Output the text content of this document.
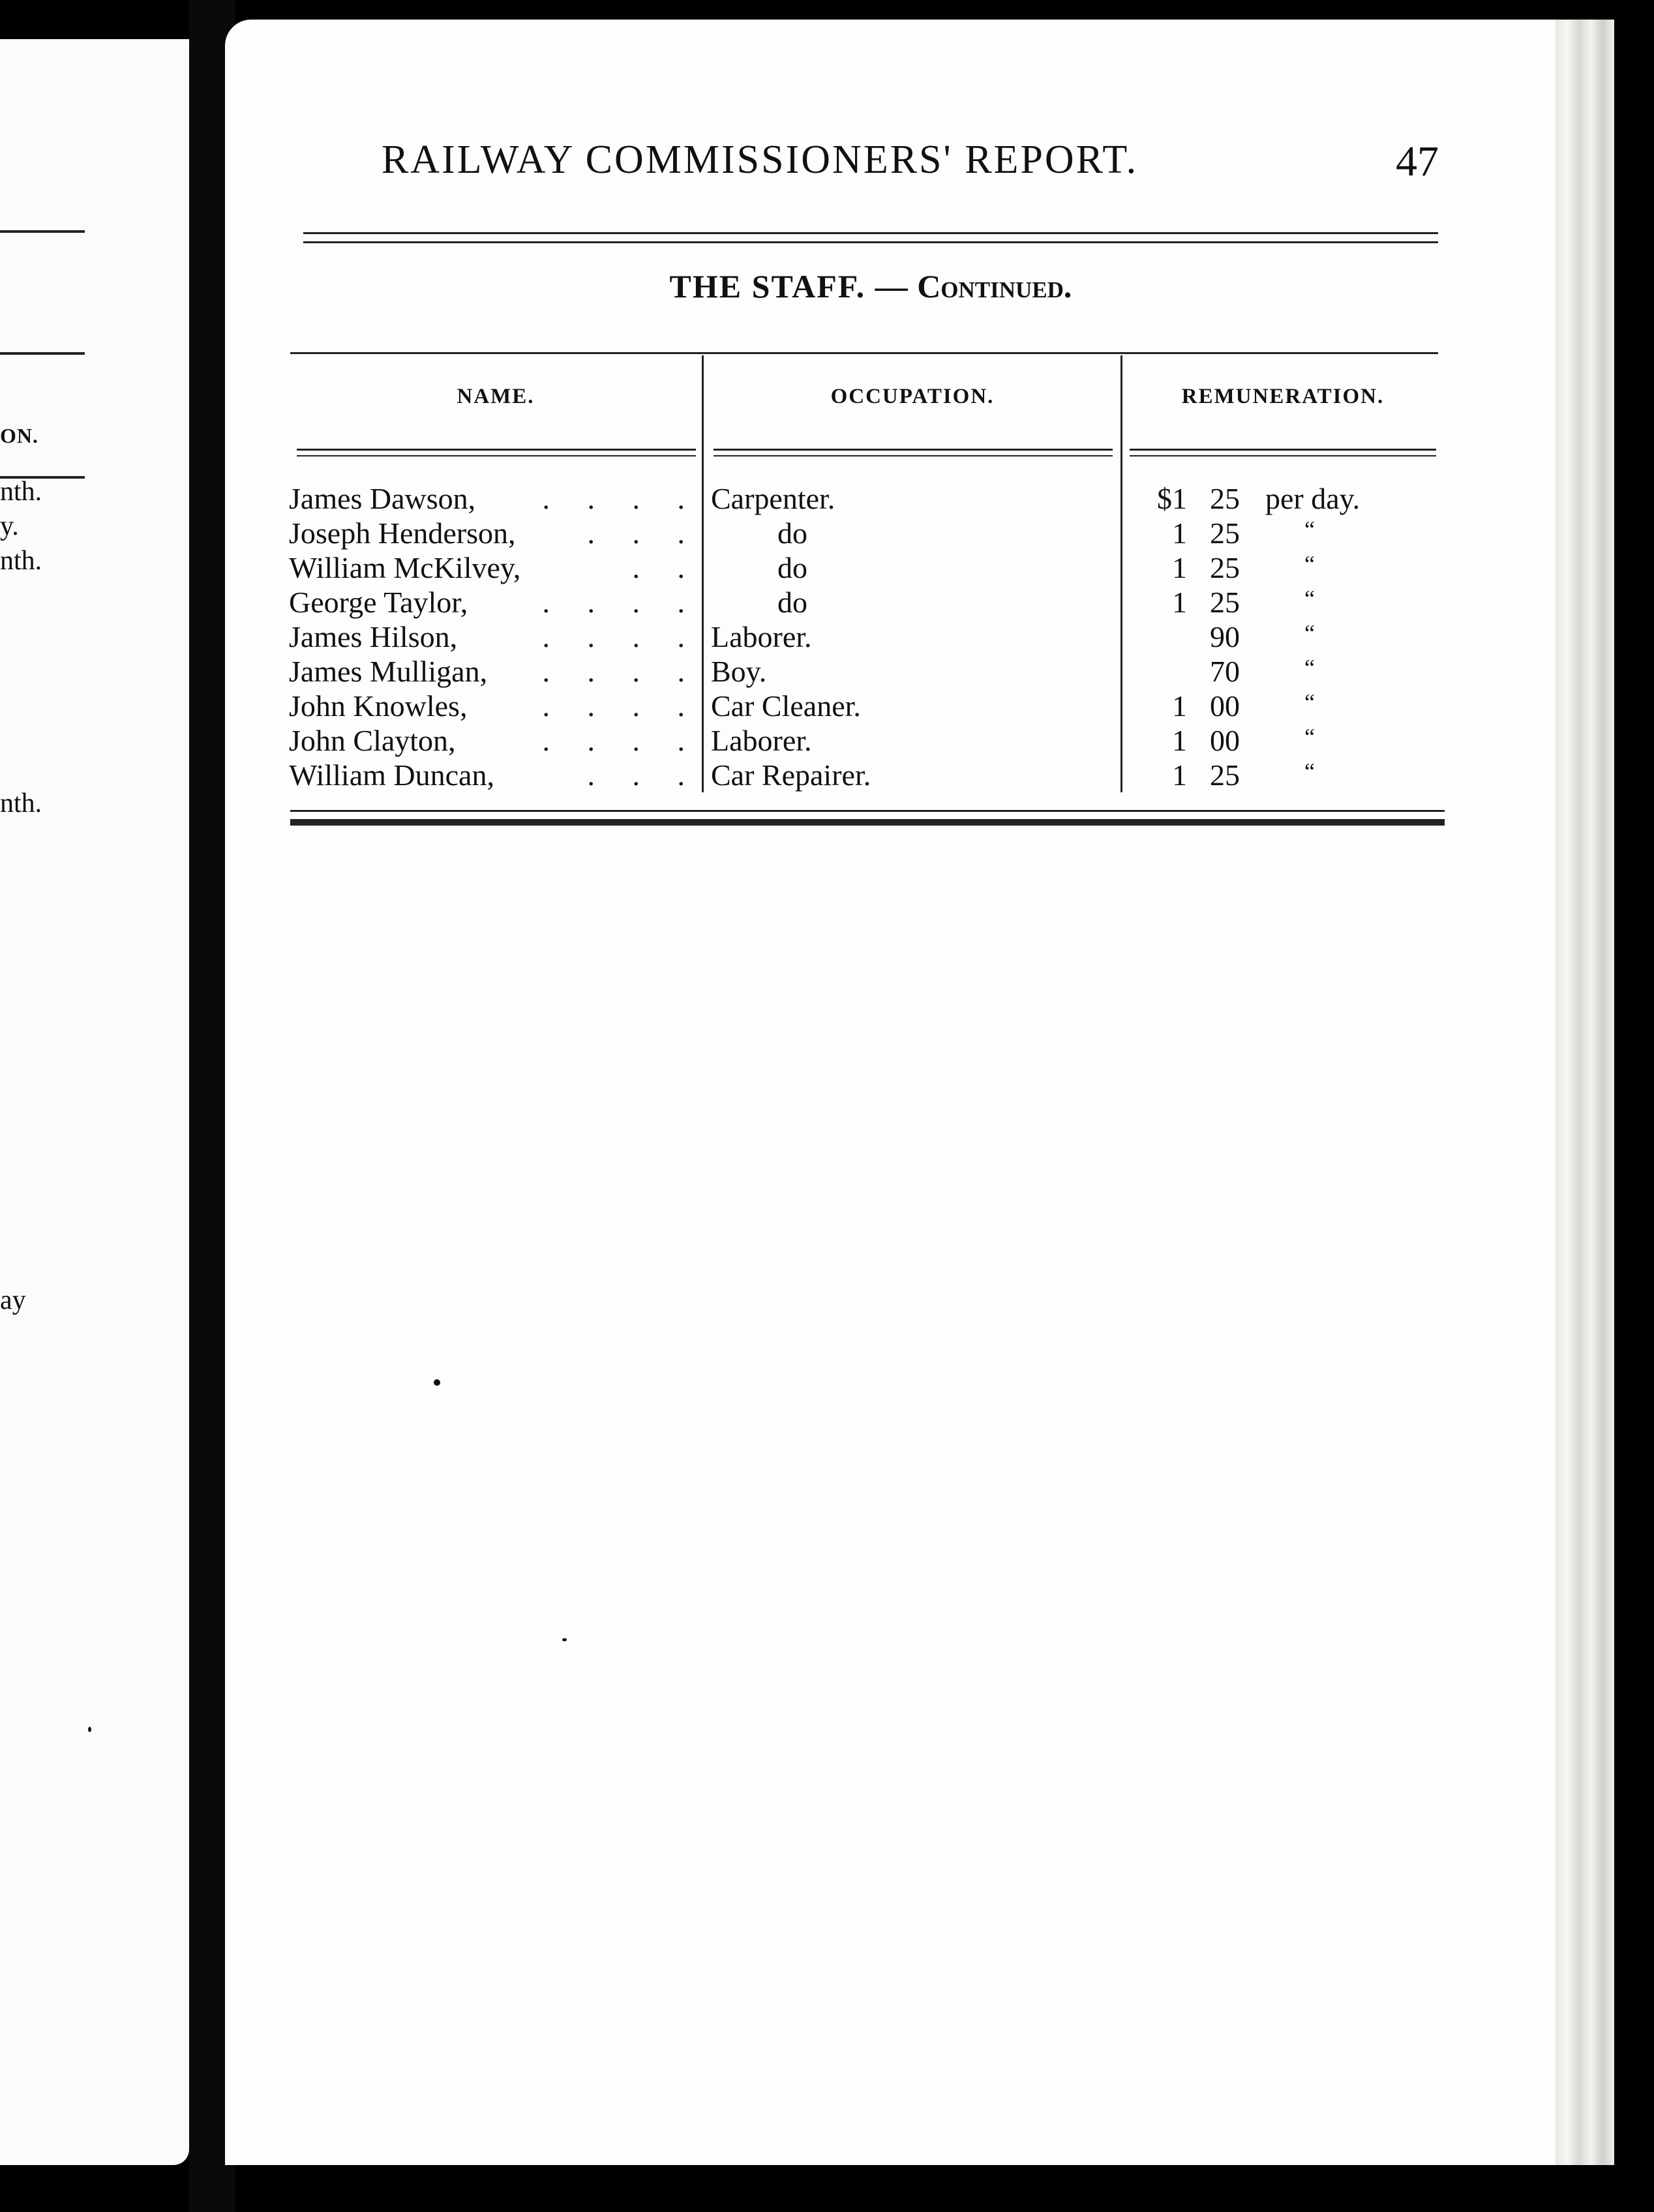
ON.
nth.
y.
nth.
nth.
ay
RAILWAY COMMISSIONERS' REPORT.	47
THE STAFF. — Continued.
NAME.	OCCUPATION.	REMUNERATION.
James Dawson,	.     .     .     . Carpenter.	$1 25 per day.
Joseph Henderson,	.     .     .	do	1 25	“
William McKilvey,	.     .	do	1 25	“
George Taylor,	.     .     .     .	do	1 25	“
James Hilson,	.     .     .     . Laborer.	90	“
James Mulligan,	.     .     .     . Boy.	70	“
John Knowles,	.     .     .     . Car Cleaner.	1 00	“
John Clayton,	.     .     .     . Laborer.	1 00	“
William Duncan,	.     .     . Car Repairer.	1 25	“
